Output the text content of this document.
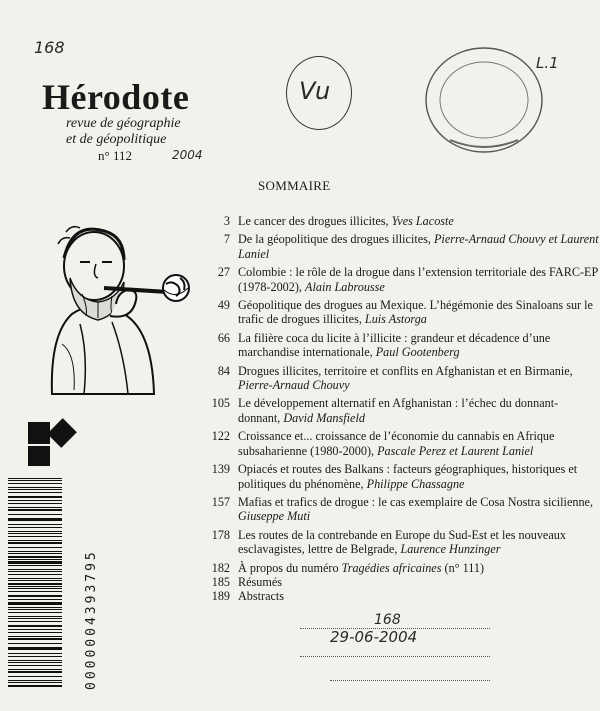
168
Hérodote
revue de géographie
et de géopolitique
n° 112	2004
Vu
L.1
SOMMAIRE
3 Le cancer des drogues illicites, Yves Lacoste
7 De la géopolitique des drogues illicites, Pierre-Arnaud Chouvy et Laurent Laniel
27 Colombie : le rôle de la drogue dans l’extension territoriale des FARC-EP (1978-2002), Alain Labrousse
49 Géopolitique des drogues au Mexique. L’hégémonie des Sinaloans sur le trafic de drogues illicites, Luis Astorga
66 La filière coca du licite à l’illicite : grandeur et décadence d’une marchandise internationale, Paul Gootenberg
84 Drogues illicites, territoire et conflits en Afghanistan et en Birmanie, Pierre-Arnaud Chouvy
105 Le développement alternatif en Afghanistan : l’échec du donnant-donnant, David Mansfield
122 Croissance et... croissance de l’économie du cannabis en Afrique subsaharienne (1980-2000), Pascale Perez et Laurent Laniel
139 Opiacés et routes des Balkans : facteurs géographiques, historiques et politiques du phénomène, Philippe Chassagne
157 Mafias et trafics de drogue : le cas exemplaire de Cosa Nostra sicilienne, Giuseppe Muti
178 Les routes de la contrebande en Europe du Sud-Est et les nouveaux esclavagistes, lettre de Belgrade, Laurence Hunzinger
182 À propos du numéro Tragédies africaines (n° 111)
185 Résumés
189 Abstracts
168
29-06-2004
0000004393795
